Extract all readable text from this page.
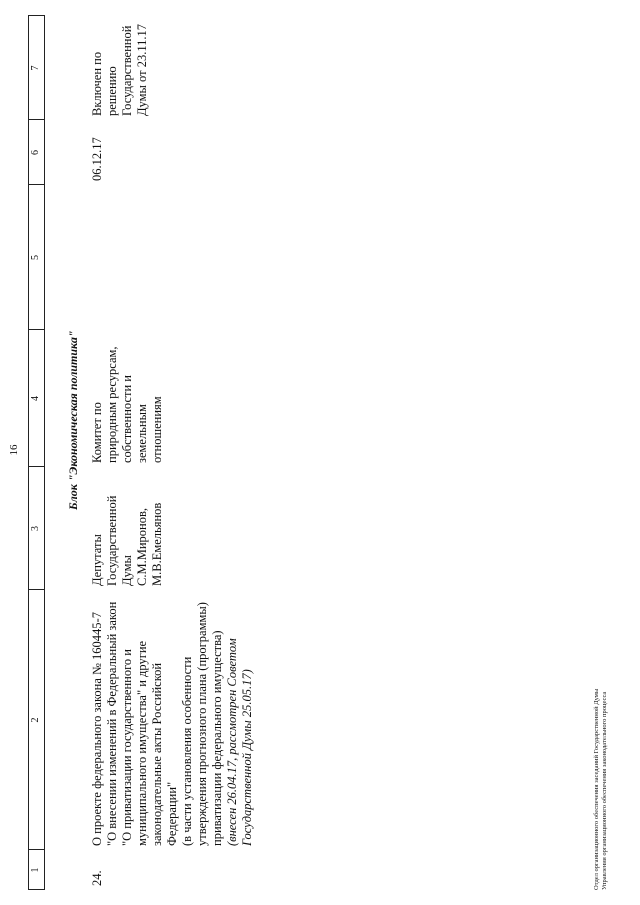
16
1
2
3
4
5
6
7
Блок "Экономическая политика"
24.
О проекте федерального закона № 160445-7 "О внесении изменений в Федеральный закон "О приватизации государственного и муниципального имущества" и другие законодательные акты Российской Федерации" (в части установления особенности утверждения прогнозного плана (программы) приватизации федерального имущества) (внесен 26.04.17, рассмотрен Советом Государственной Думы 25.05.17)
Депутаты Государственной Думы С.М.Миронов, М.В.Емельянов
Комитет по природным ресурсам, собственности и земельным отношениям
06.12.17
Включен по решению Государственной Думы от 23.11.17
Отдел организационного обеспечения заседаний Государственной Думы Управления организационного обеспечения законодательного процесса
